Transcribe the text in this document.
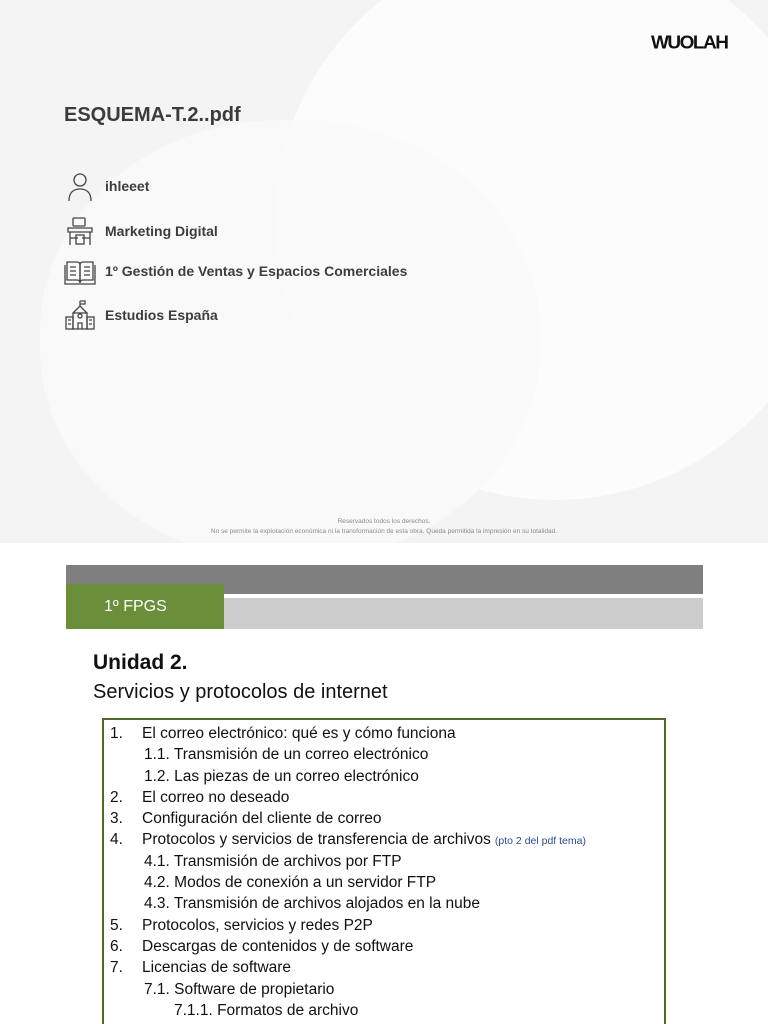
WUOLAH
ESQUEMA-T.2..pdf
ihleeet
Marketing Digital
1º Gestión de Ventas y Espacios Comerciales
Estudios España
Reservados todos los derechos.
No se permite la explotación económica ni la transformación de esta obra. Queda permitida la impresión en su totalidad.
1º FPGS
Unidad 2.
Servicios y protocolos de internet
1. El correo electrónico: qué es y cómo funciona
1.1. Transmisión de un correo electrónico
1.2. Las piezas de un correo electrónico
2. El correo no deseado
3. Configuración del cliente de correo
4. Protocolos y servicios de transferencia de archivos (pto 2 del pdf tema)
4.1. Transmisión de archivos por FTP
4.2. Modos de conexión a un servidor FTP
4.3. Transmisión de archivos alojados en la nube
5. Protocolos, servicios y redes P2P
6. Descargas de contenidos y de software
7. Licencias de software
7.1. Software de propietario
7.1.1. Formatos de archivo
